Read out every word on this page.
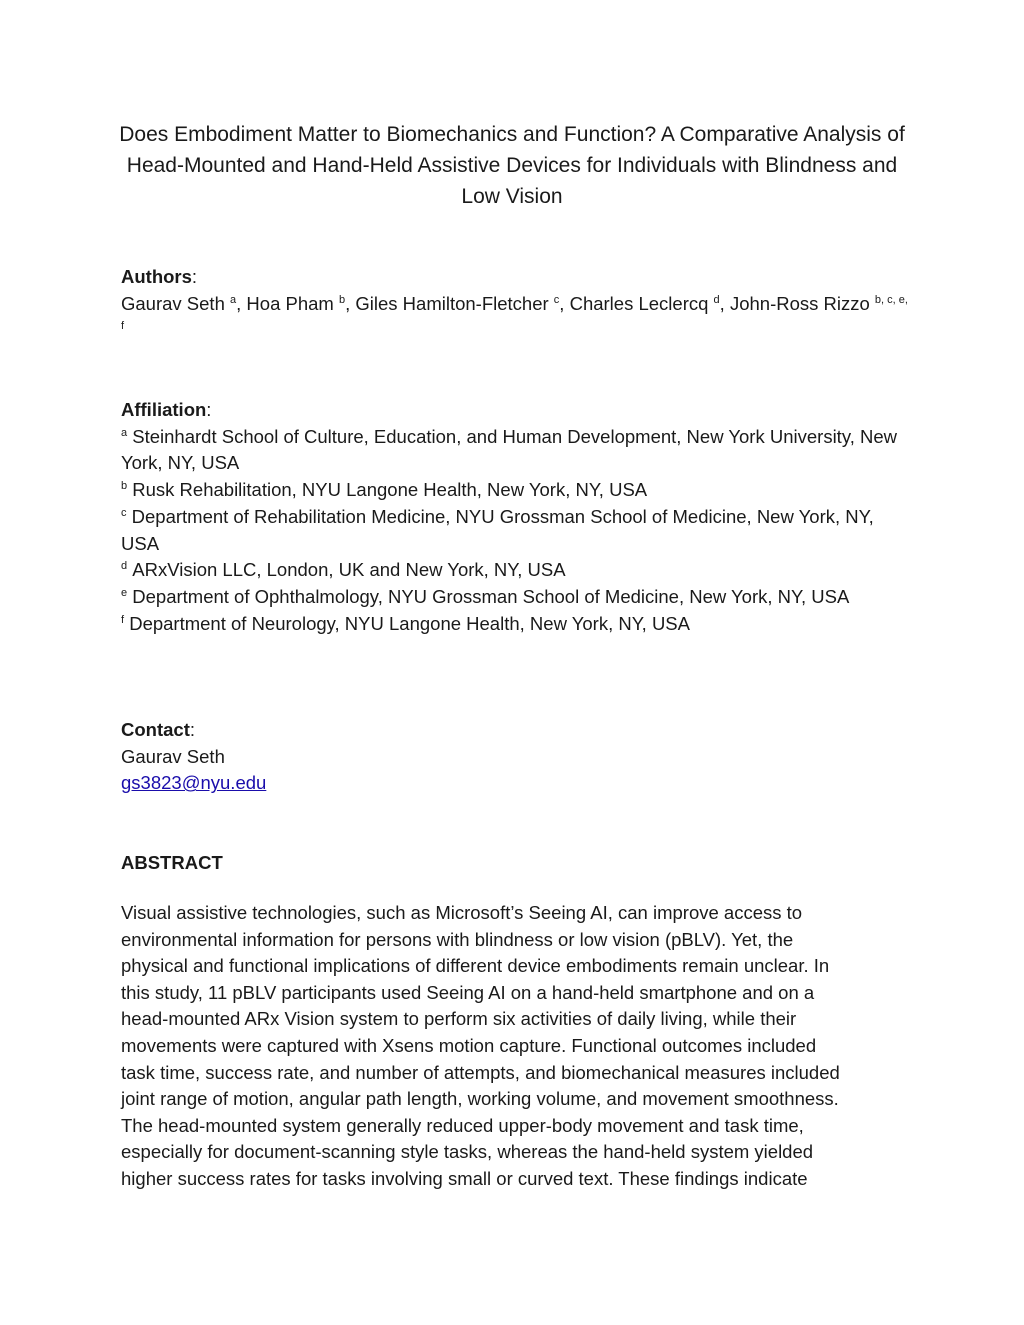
Does Embodiment Matter to Biomechanics and Function? A Comparative Analysis of Head-Mounted and Hand-Held Assistive Devices for Individuals with Blindness and Low Vision
Authors:
Gaurav Seth $^a$, Hoa Pham $^b$, Giles Hamilton-Fletcher $^c$, Charles Leclercq $^d$, John-Ross Rizzo $^{b, c, e, f}$
Affiliation:
$^a$ Steinhardt School of Culture, Education, and Human Development, New York University, New York, NY, USA
$^b$ Rusk Rehabilitation, NYU Langone Health, New York, NY, USA
$^c$ Department of Rehabilitation Medicine, NYU Grossman School of Medicine, New York, NY, USA
$^d$ ARxVision LLC, London, UK and New York, NY, USA
$^e$ Department of Ophthalmology, NYU Grossman School of Medicine, New York, NY, USA
$^f$ Department of Neurology, NYU Langone Health, New York, NY, USA
Contact:
Gaurav Seth
gs3823@nyu.edu
ABSTRACT
Visual assistive technologies, such as Microsoft’s Seeing AI, can improve access to
environmental information for persons with blindness or low vision (pBLV). Yet, the
physical and functional implications of different device embodiments remain unclear. In
this study, 11 pBLV participants used Seeing AI on a hand-held smartphone and on a
head-mounted ARx Vision system to perform six activities of daily living, while their
movements were captured with Xsens motion capture. Functional outcomes included
task time, success rate, and number of attempts, and biomechanical measures included
joint range of motion, angular path length, working volume, and movement smoothness.
The head-mounted system generally reduced upper-body movement and task time,
especially for document-scanning style tasks, whereas the hand-held system yielded
higher success rates for tasks involving small or curved text. These findings indicate
